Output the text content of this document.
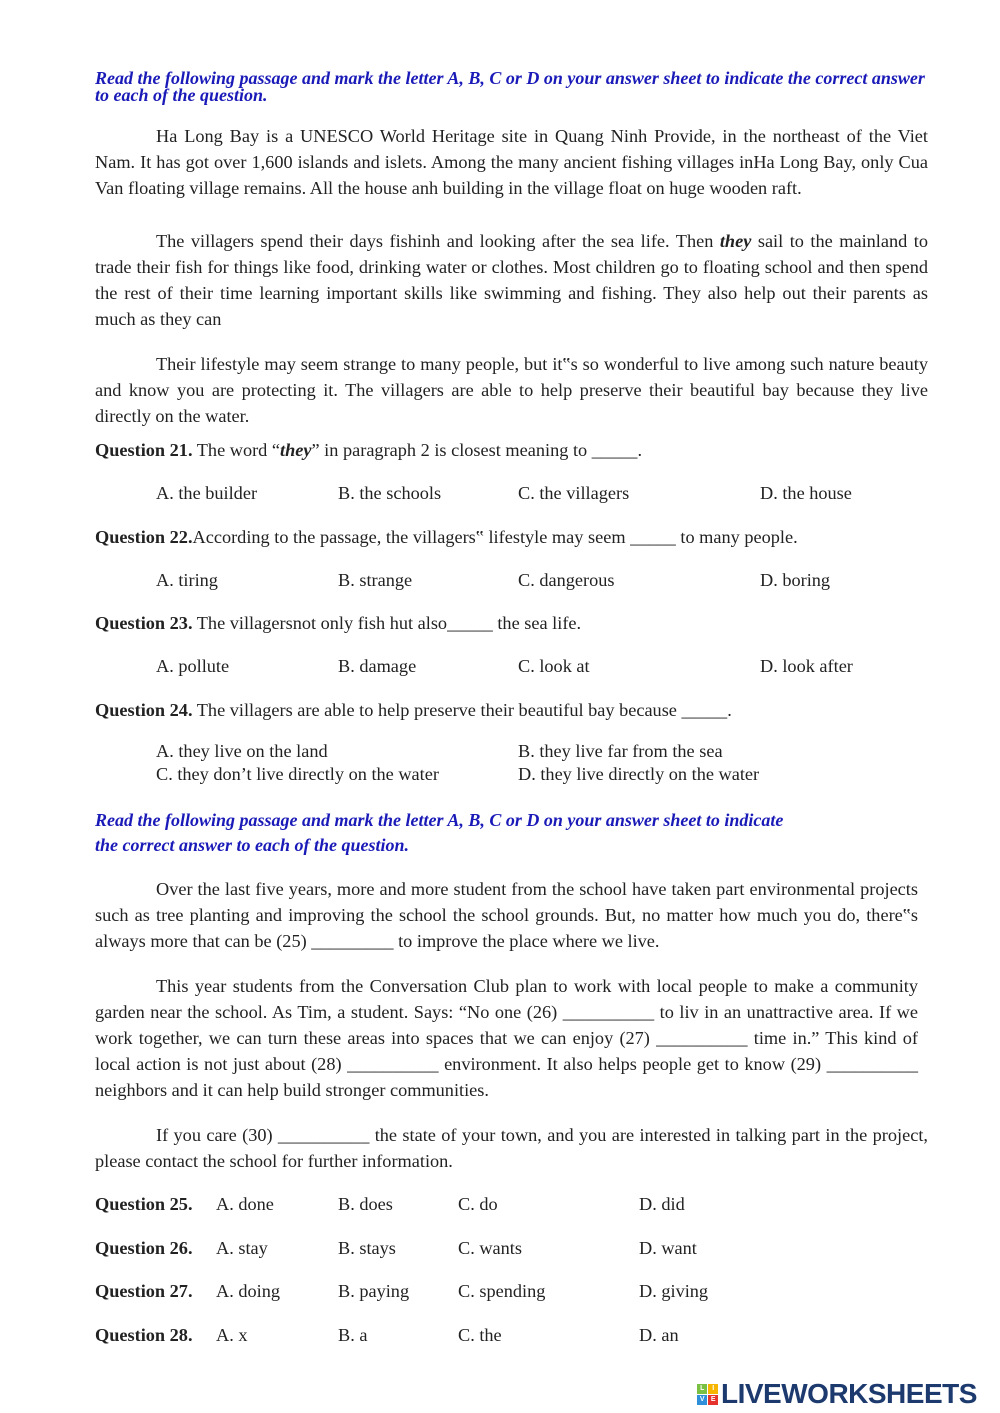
Read the following passage and mark the letter A, B, C or D on your answer sheet to indicate the correct answer to each of the question.
Ha Long Bay is a UNESCO World Heritage site in Quang Ninh Provide, in the northeast of the Viet Nam. It has got over 1,600 islands and islets. Among the many ancient fishing villages inHa Long Bay, only Cua Van floating village remains. All the house anh building in the village float on huge wooden raft.
The villagers spend their days fishinh and looking after the sea life. Then they sail to the mainland to trade their fish for things like food, drinking water or clothes. Most children go to floating school and then spend the rest of their time learning important skills like swimming and fishing. They also help out their parents as much as they can
Their lifestyle may seem strange to many people, but it‟s so wonderful to live among such nature beauty and know you are protecting it. The villagers are able to help preserve their beautiful bay because they live directly on the water.
Question 21. The word “they” in paragraph 2 is closest meaning to _____.
A. the builder	B. the schools	C. the villagers	D. the house
Question 22.According to the passage, the villagers‟ lifestyle may seem _____ to many people.
A. tiring	B. strange	C. dangerous	D. boring
Question 23. The villagersnot only fish hut also_____ the sea life.
A. pollute	B. damage	C. look at	D. look after
Question 24. The villagers are able to help preserve their beautiful bay because _____.
A. they live on the land	B. they live far from the sea
C. they don’t live directly on the water	D. they live directly on the water
Read the following passage and mark the letter A, B, C or D on your answer sheet to indicate
the correct answer to each of the question.
Over the last five years, more and more student from the school have taken part environmental projects such as tree planting and improving the school the school grounds. But, no matter how much you do, there‟s always more that can be (25) _________ to improve the place where we live.
This year students from the Conversation Club plan to work with local people to make a community garden near the school. As Tim, a student. Says: “No one (26) __________ to liv in an unattractive area. If we work together, we can turn these areas into spaces that we can enjoy (27) __________ time in.” This kind of local action is not just about (28) __________ environment. It also helps people get to know (29) __________ neighbors and it can help build stronger communities.
If you care (30) __________ the state of your town, and you are interested in talking part in the project, please contact the school for further information.
Question 25. A. done	B. does	C. do	D. did
Question 26. A. stay	B. stays	C. wants	D. want
Question 27. A. doing	B. paying	C. spending	D. giving
Question 28. A. x	B. a	C. the	D. an
L	I
V E LIVEWORKSHEETS
